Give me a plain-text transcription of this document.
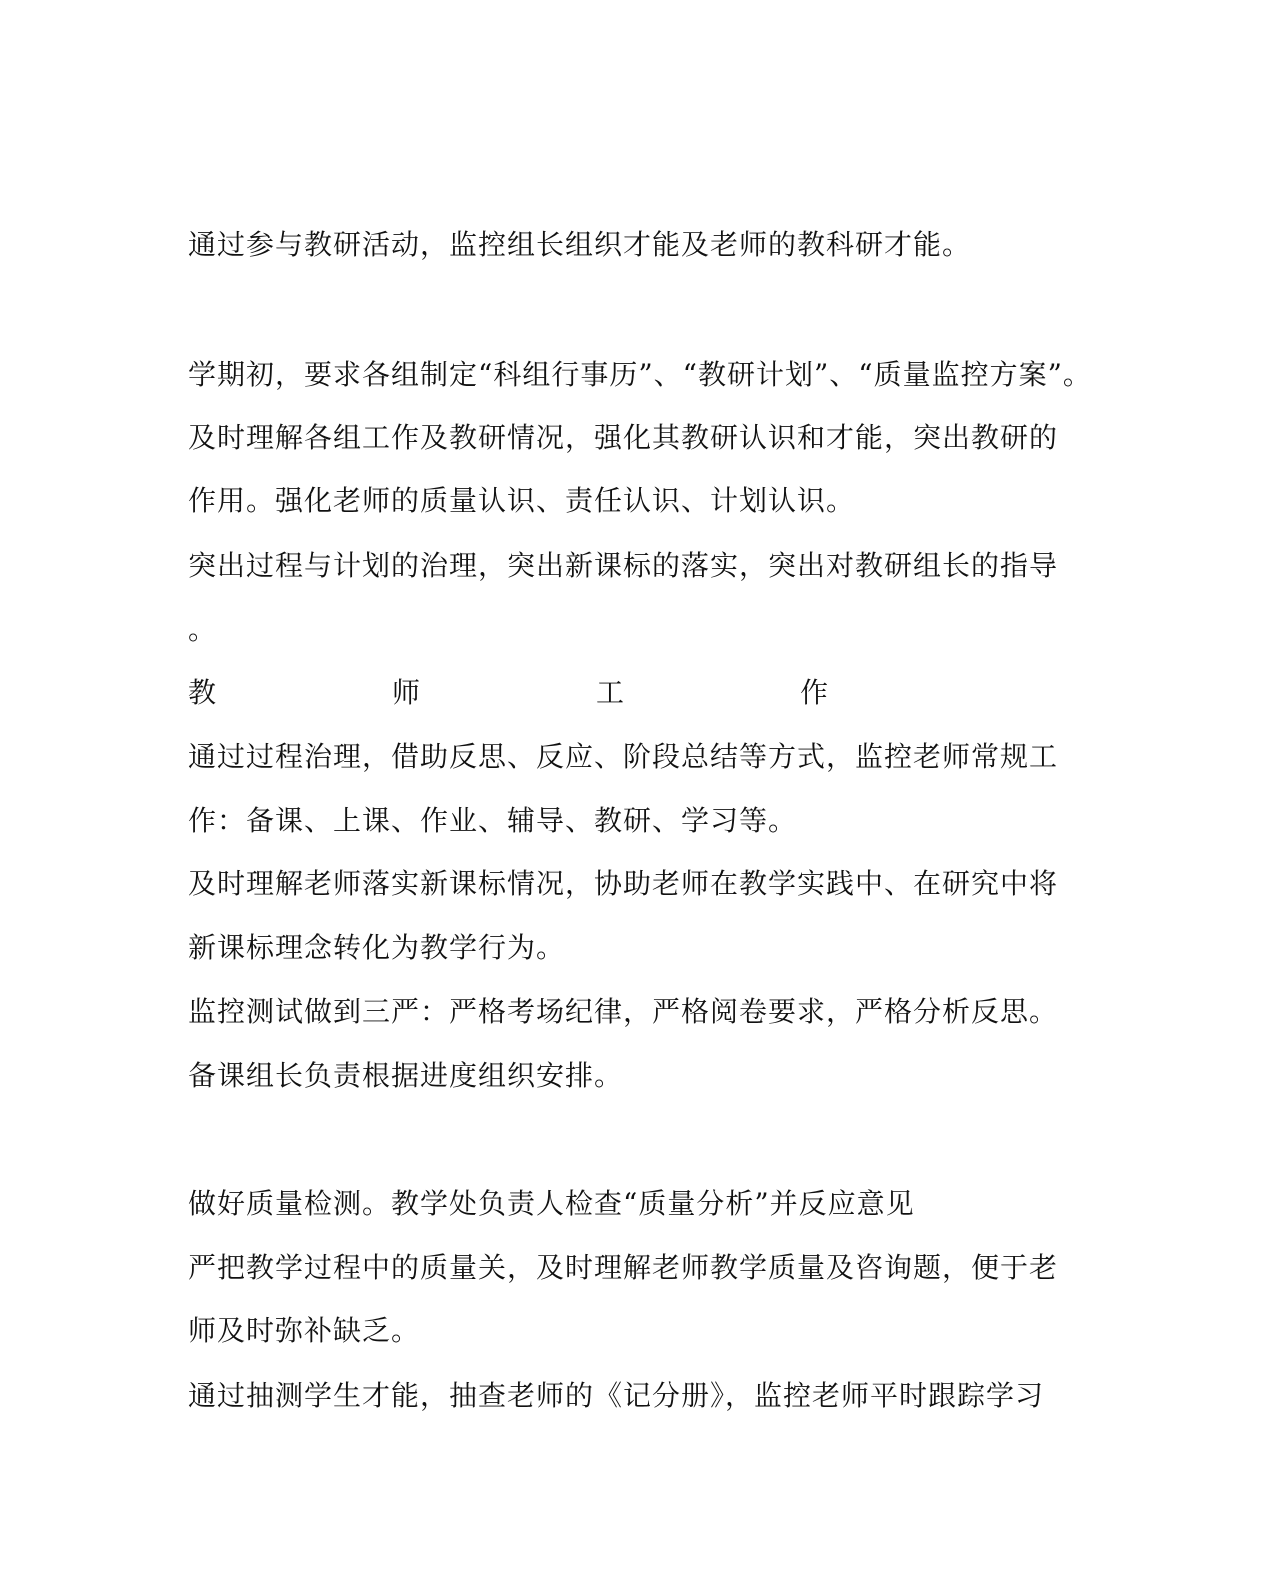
通过参与教研活动，监控组长组织才能及老师的教科研才能。
学期初，要求各组制定“科组行事历”、“教研计划”、“质量监控方案”。
及时理解各组工作及教研情况，强化其教研认识和才能，突出教研的
作用。强化老师的质量认识、责任认识、计划认识。
突出过程与计划的治理，突出新课标的落实，突出对教研组长的指导
。
教	师	工	作
通过过程治理，借助反思、反应、阶段总结等方式，监控老师常规工
作：备课、上课、作业、辅导、教研、学习等。
及时理解老师落实新课标情况，协助老师在教学实践中、在研究中将
新课标理念转化为教学行为。
监控测试做到三严：严格考场纪律，严格阅卷要求，严格分析反思。
备课组长负责根据进度组织安排。
做好质量检测。教学处负责人检查“质量分析”并反应意见
严把教学过程中的质量关，及时理解老师教学质量及咨询题，便于老
师及时弥补缺乏。
通过抽测学生才能，抽查老师的《记分册》，监控老师平时跟踪学习
